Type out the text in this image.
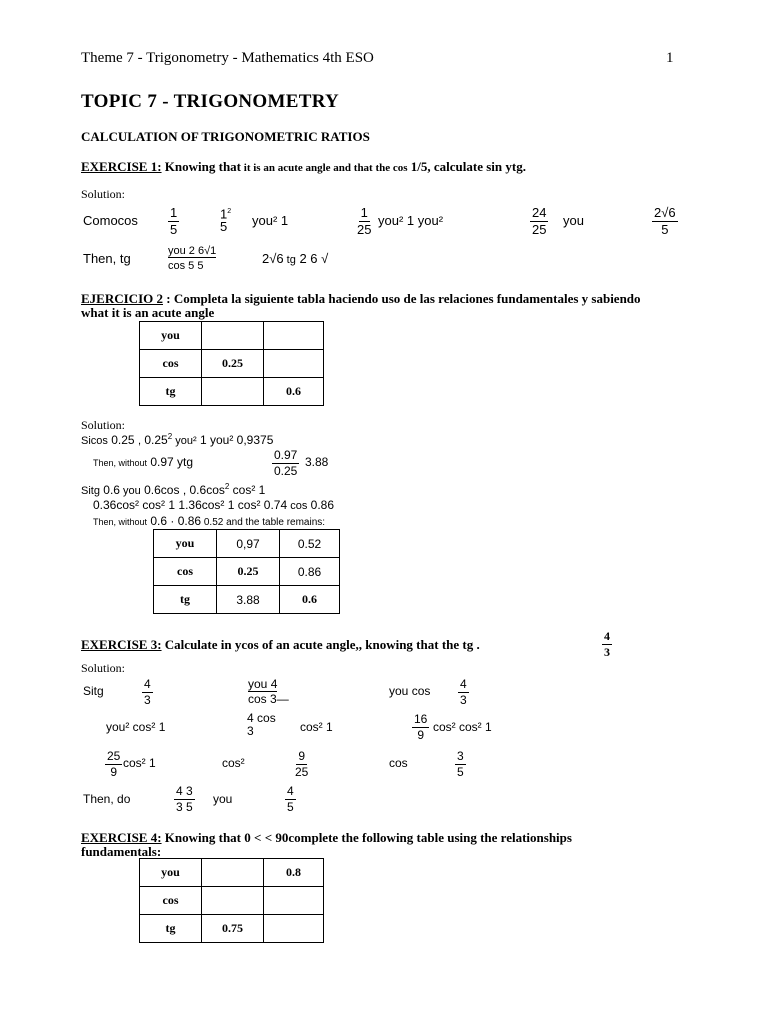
Theme 7 - Trigonometry - Mathematics 4th ESO	1
TOPIC 7 - TRIGONOMETRY
CALCULATION OF TRIGONOMETRIC RATIOS
EXERCISE 1: Knowing that it is an acute angle and that the cos 1/5, calculate sin ytg.
Solution:
Comocos $\frac{1}{5}$	$1^2$
5	you² 1	$\frac{1}{25} you^2$ 1 you²	$\frac{24}{25}$ you	$\frac{2√6}{5}$
Then, tg	you 2 6√1
cos 5 5	2√6 tg 2 6 √
EJERCICIO 2 : Completa la siguiente tabla haciendo uso de las relaciones fundamentales y sabiendo
what it is an acute angle
you		
cos	0.25	
tg		0.6
Solution:
Sicos 0.25 , 0.25$^2$ you² 1 you² 0,9375
Then, without 0.97 ytg	$\frac{0.97}{0.25} 3.88$
Sitg 0.6 you 0.6cos , $0.6\cos^2$ cos² 1
0.36cos² cos² 1 1.36cos² 1 cos² 0.74 cos 0.86
Then, without 0.6 · 0.86 0.52 and the table remains:
you	0,97	0.52
cos	0.25	0.86
tg	3.88	0.6
EXERCISE 3: Calculate in ycos of an acute angle,, knowing that the tg .	$\frac{4}{3}$
Solution:
Sitg	$\frac{4}{3}$	you 4
cos 3—
you $\cos \frac{4}{3}$
you² cos² 1
4 cos
3	cos² 1	$\frac{16}{9} \cos^2$ cos² 1
$\frac{25}{9} \cos^2$ 1	cos²	$\frac{9}{25}$	cos	$\frac{3}{5}$
Then, do	$\frac{4 3}{3 5}$ you	$\frac{4}{5}$
EXERCISE 4: Knowing that 0 < < 90complete the following table using the relationships
fundamentals:
you		0.8
cos		
tg	0.75	
